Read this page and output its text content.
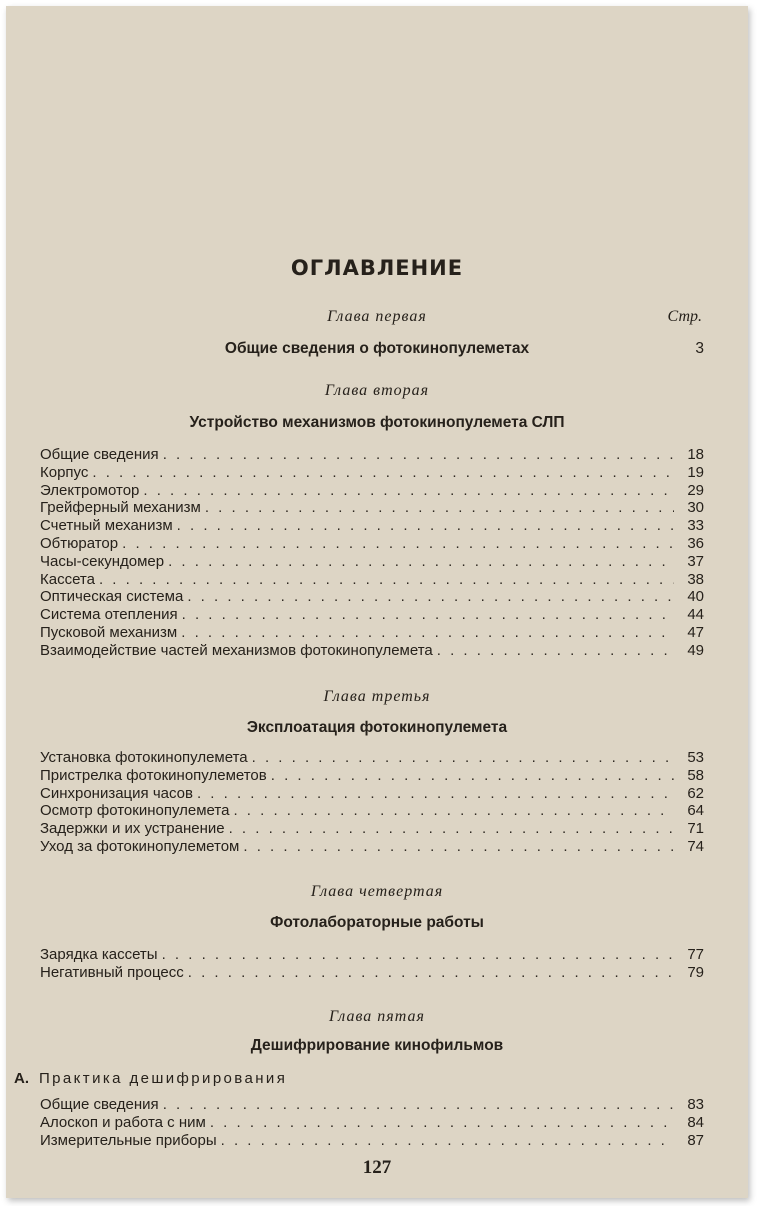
ОГЛАВЛЕНИЕ
Глава первая	Стр.
Общие сведения о фотокинопулеметах	3
Глава вторая
Устройство механизмов фотокинопулемета СЛП
Общие сведения . . .	18
Корпус . . .	19
Электромотор . . .	29
Грейферный механизм . . .	30
Счетный механизм . . .	33
Обтюратор . . .	36
Часы-секундомер . . .	37
Кассета . . .	38
Оптическая система . . .	40
Система отепления . . .	44
Пусковой механизм . . .	47
Взаимодействие частей механизмов фотокинопулемета . . .	49
Глава третья
Эксплоатация фотокинопулемета
Установка фотокинопулемета . . .	53
Пристрелка фотокинопулеметов . . .	58
Синхронизация часов . . .	62
Осмотр фотокинопулемета . . .	64
Задержки и их устранение . . .	71
Уход за фотокинопулеметом . . .	74
Глава четвертая
Фотолабораторные работы
Зарядка кассеты . . .	77
Негативный процесс . . .	79
Глава пятая
Дешифрирование кинофильмов
А. Практика дешифрирования
Общие сведения . . .	83
Алоскоп и работа с ним . . .	84
Измерительные приборы . . .	87
127
